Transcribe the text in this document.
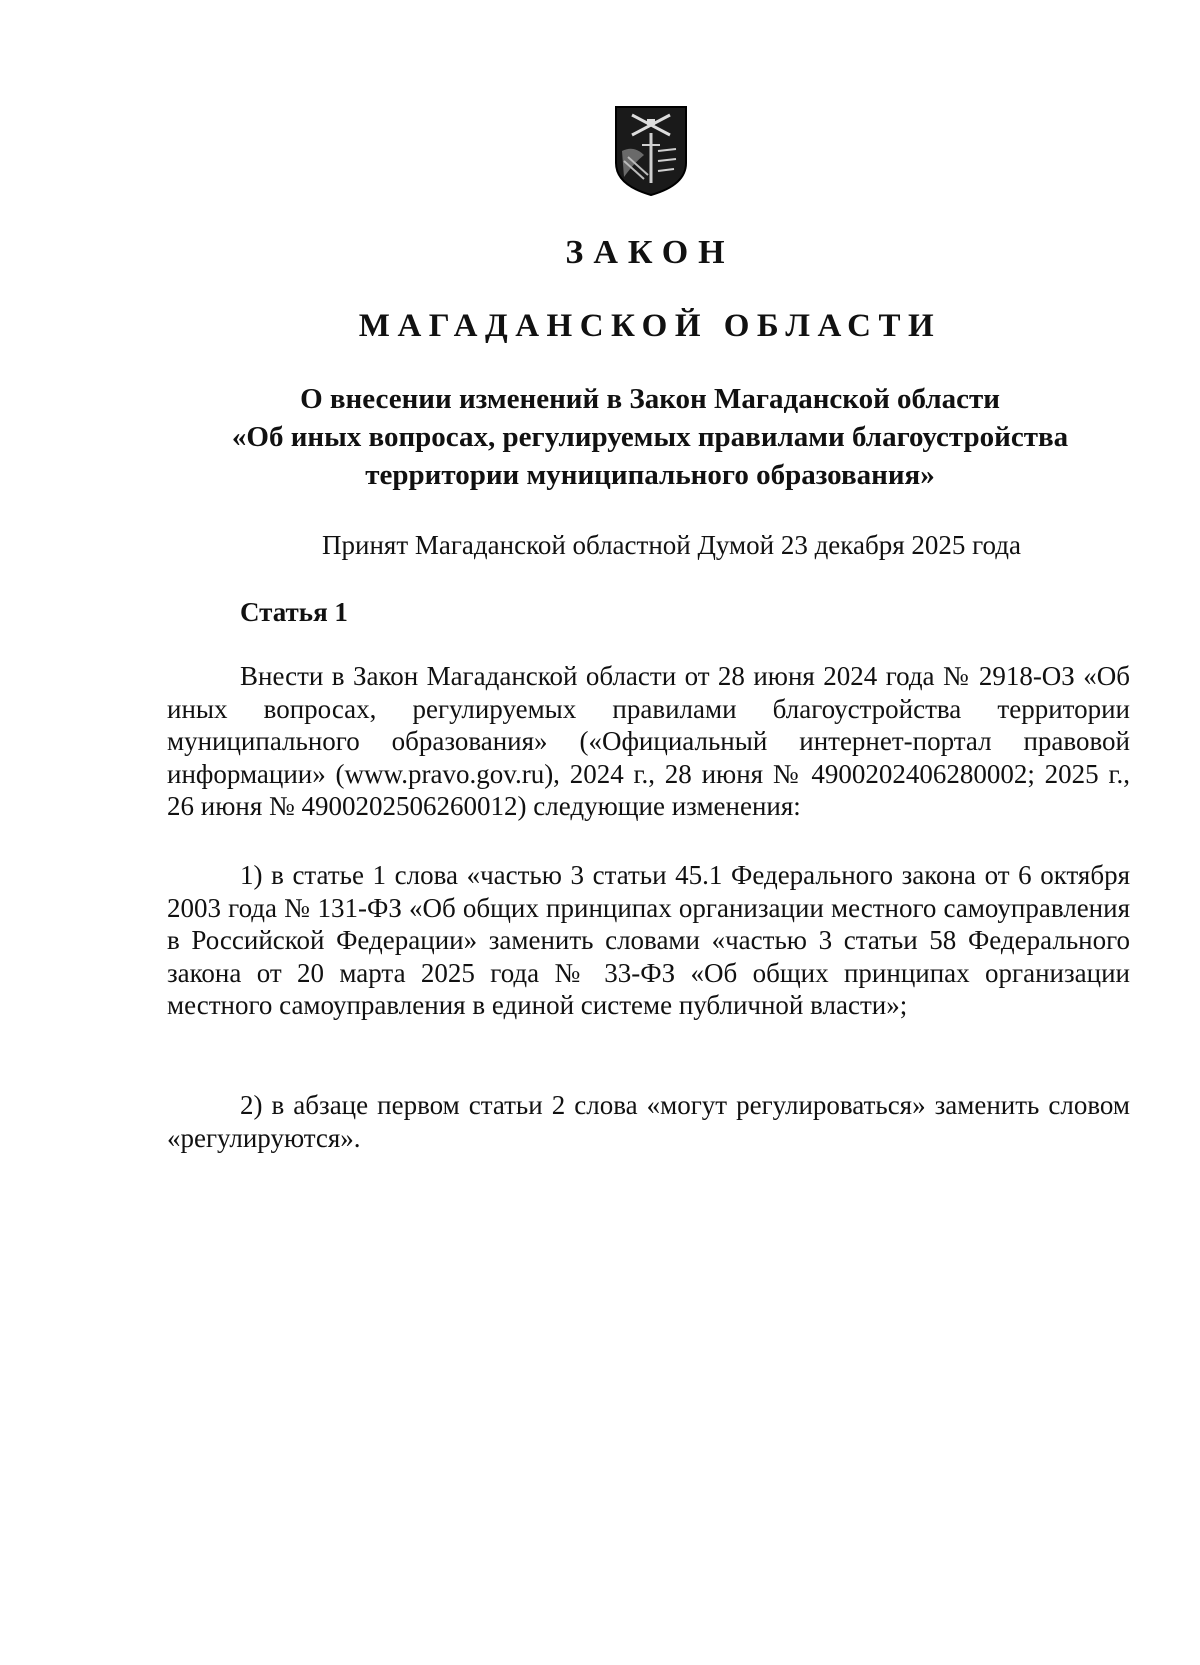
ЗАКОН
МАГАДАНСКОЙ ОБЛАСТИ
О внесении изменений в Закон Магаданской области
«Об иных вопросах, регулируемых правилами благоустройства
территории муниципального образования»

Принят Магаданской областной Думой 23 декабря 2025 года

Статья 1

Внести в Закон Магаданской области от 28 июня 2024 года № 2918-ОЗ «Об иных вопросах, регулируемых правилами благоустройства территории муниципального образования» («Официальный интернет-портал правовой информации» (www.pravo.gov.ru), 2024 г., 28 июня № 4900202406280002; 2025 г., 26 июня № 4900202506260012) следующие изменения:

1) в статье 1 слова «частью 3 статьи 45.1 Федерального закона от 6 октября 2003 года № 131-ФЗ «Об общих принципах организации местного самоуправления в Российской Федерации» заменить словами «частью 3 статьи 58 Федерального закона от 20 марта 2025 года № 33-ФЗ «Об общих принципах организации местного самоуправления в единой системе публичной власти»;

2) в абзаце первом статьи 2 слова «могут регулироваться» заменить словом «регулируются».
